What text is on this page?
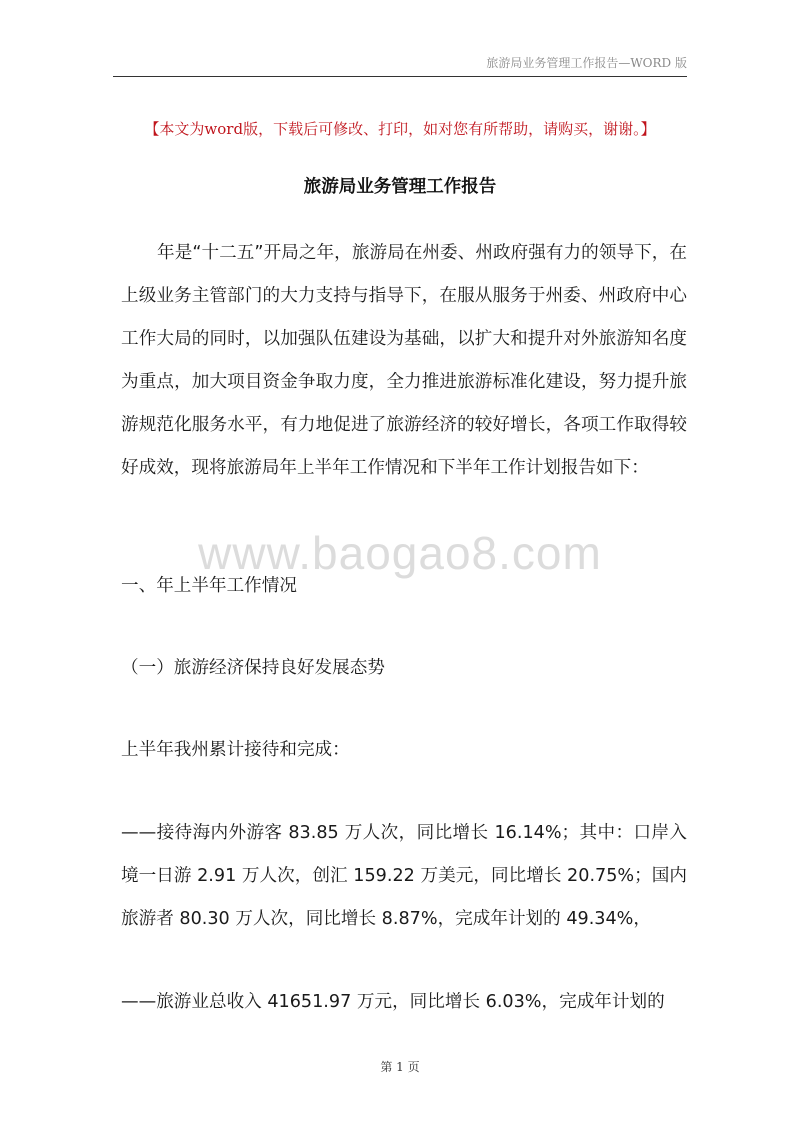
旅游局业务管理工作报告—WORD 版
【本文为word版，下载后可修改、打印，如对您有所帮助，请购买，谢谢。】
旅游局业务管理工作报告
年是“十二五”开局之年，旅游局在州委、州政府强有力的领导下，在上级业务主管部门的大力支持与指导下，在服从服务于州委、州政府中心工作大局的同时，以加强队伍建设为基础，以扩大和提升对外旅游知名度为重点，加大项目资金争取力度，全力推进旅游标准化建设，努力提升旅游规范化服务水平，有力地促进了旅游经济的较好增长，各项工作取得较好成效，现将旅游局年上半年工作情况和下半年工作计划报告如下：
www.baogao8.com
一、年上半年工作情况
（一）旅游经济保持良好发展态势
上半年我州累计接待和完成：
——接待海内外游客 83.85 万人次，同比增长 16.14%；其中：口岸入境一日游 2.91 万人次，创汇 159.22 万美元，同比增长 20.75%；国内旅游者 80.30 万人次，同比增长 8.87%，完成年计划的 49.34%，
——旅游业总收入 41651.97 万元，同比增长 6.03%，完成年计划的
第 1 页
